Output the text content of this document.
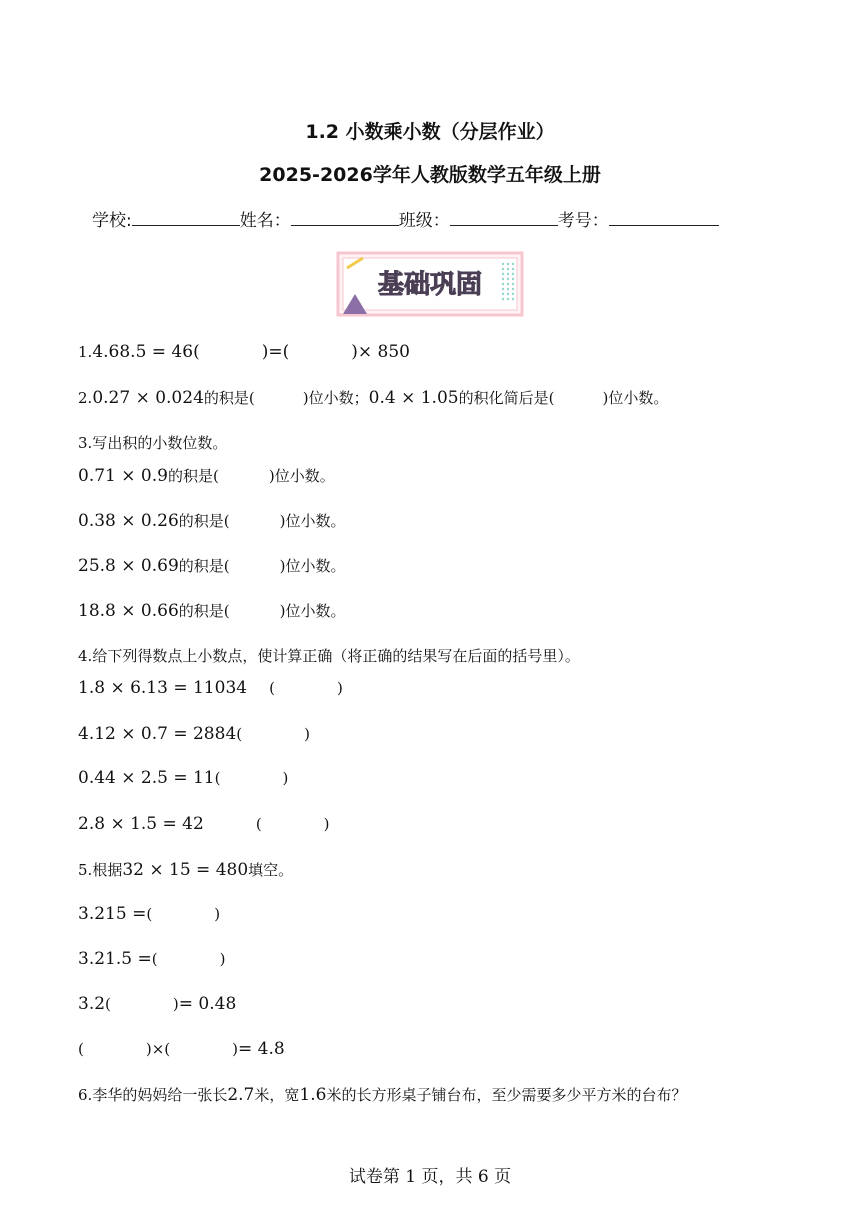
1.2 小数乘小数（分层作业）
2025-2026学年人教版数学五年级上册
学校:	姓名：	班级：	考号：
基础巩固
1.4.68.5 = 46(	)=(	)× 850
2.0.27 × 0.024的积是(	)位小数；0.4 × 1.05的积化简后是(	)位小数。
3.写出积的小数位数。
0.71 × 0.9的积是(	)位小数。
0.38 × 0.26的积是(	)位小数。
25.8 × 0.69的积是(	)位小数。
18.8 × 0.66的积是(	)位小数。
4.给下列得数点上小数点，使计算正确（将正确的结果写在后面的括号里）。
1.8 × 6.13 = 11034 (	)
4.12 × 0.7 = 2884(	)
0.44 × 2.5 = 11(	)
2.8 × 1.5 = 42	(	)
5.根据32 × 15 = 480填空。
3.215 =(	)
3.21.5 =(	)
3.2(	)= 0.48
(	)×(	)= 4.8
6.李华的妈妈给一张长2.7米，宽1.6米的长方形桌子铺台布，至少需要多少平方米的台布？
试卷第 1 页，共 6 页
